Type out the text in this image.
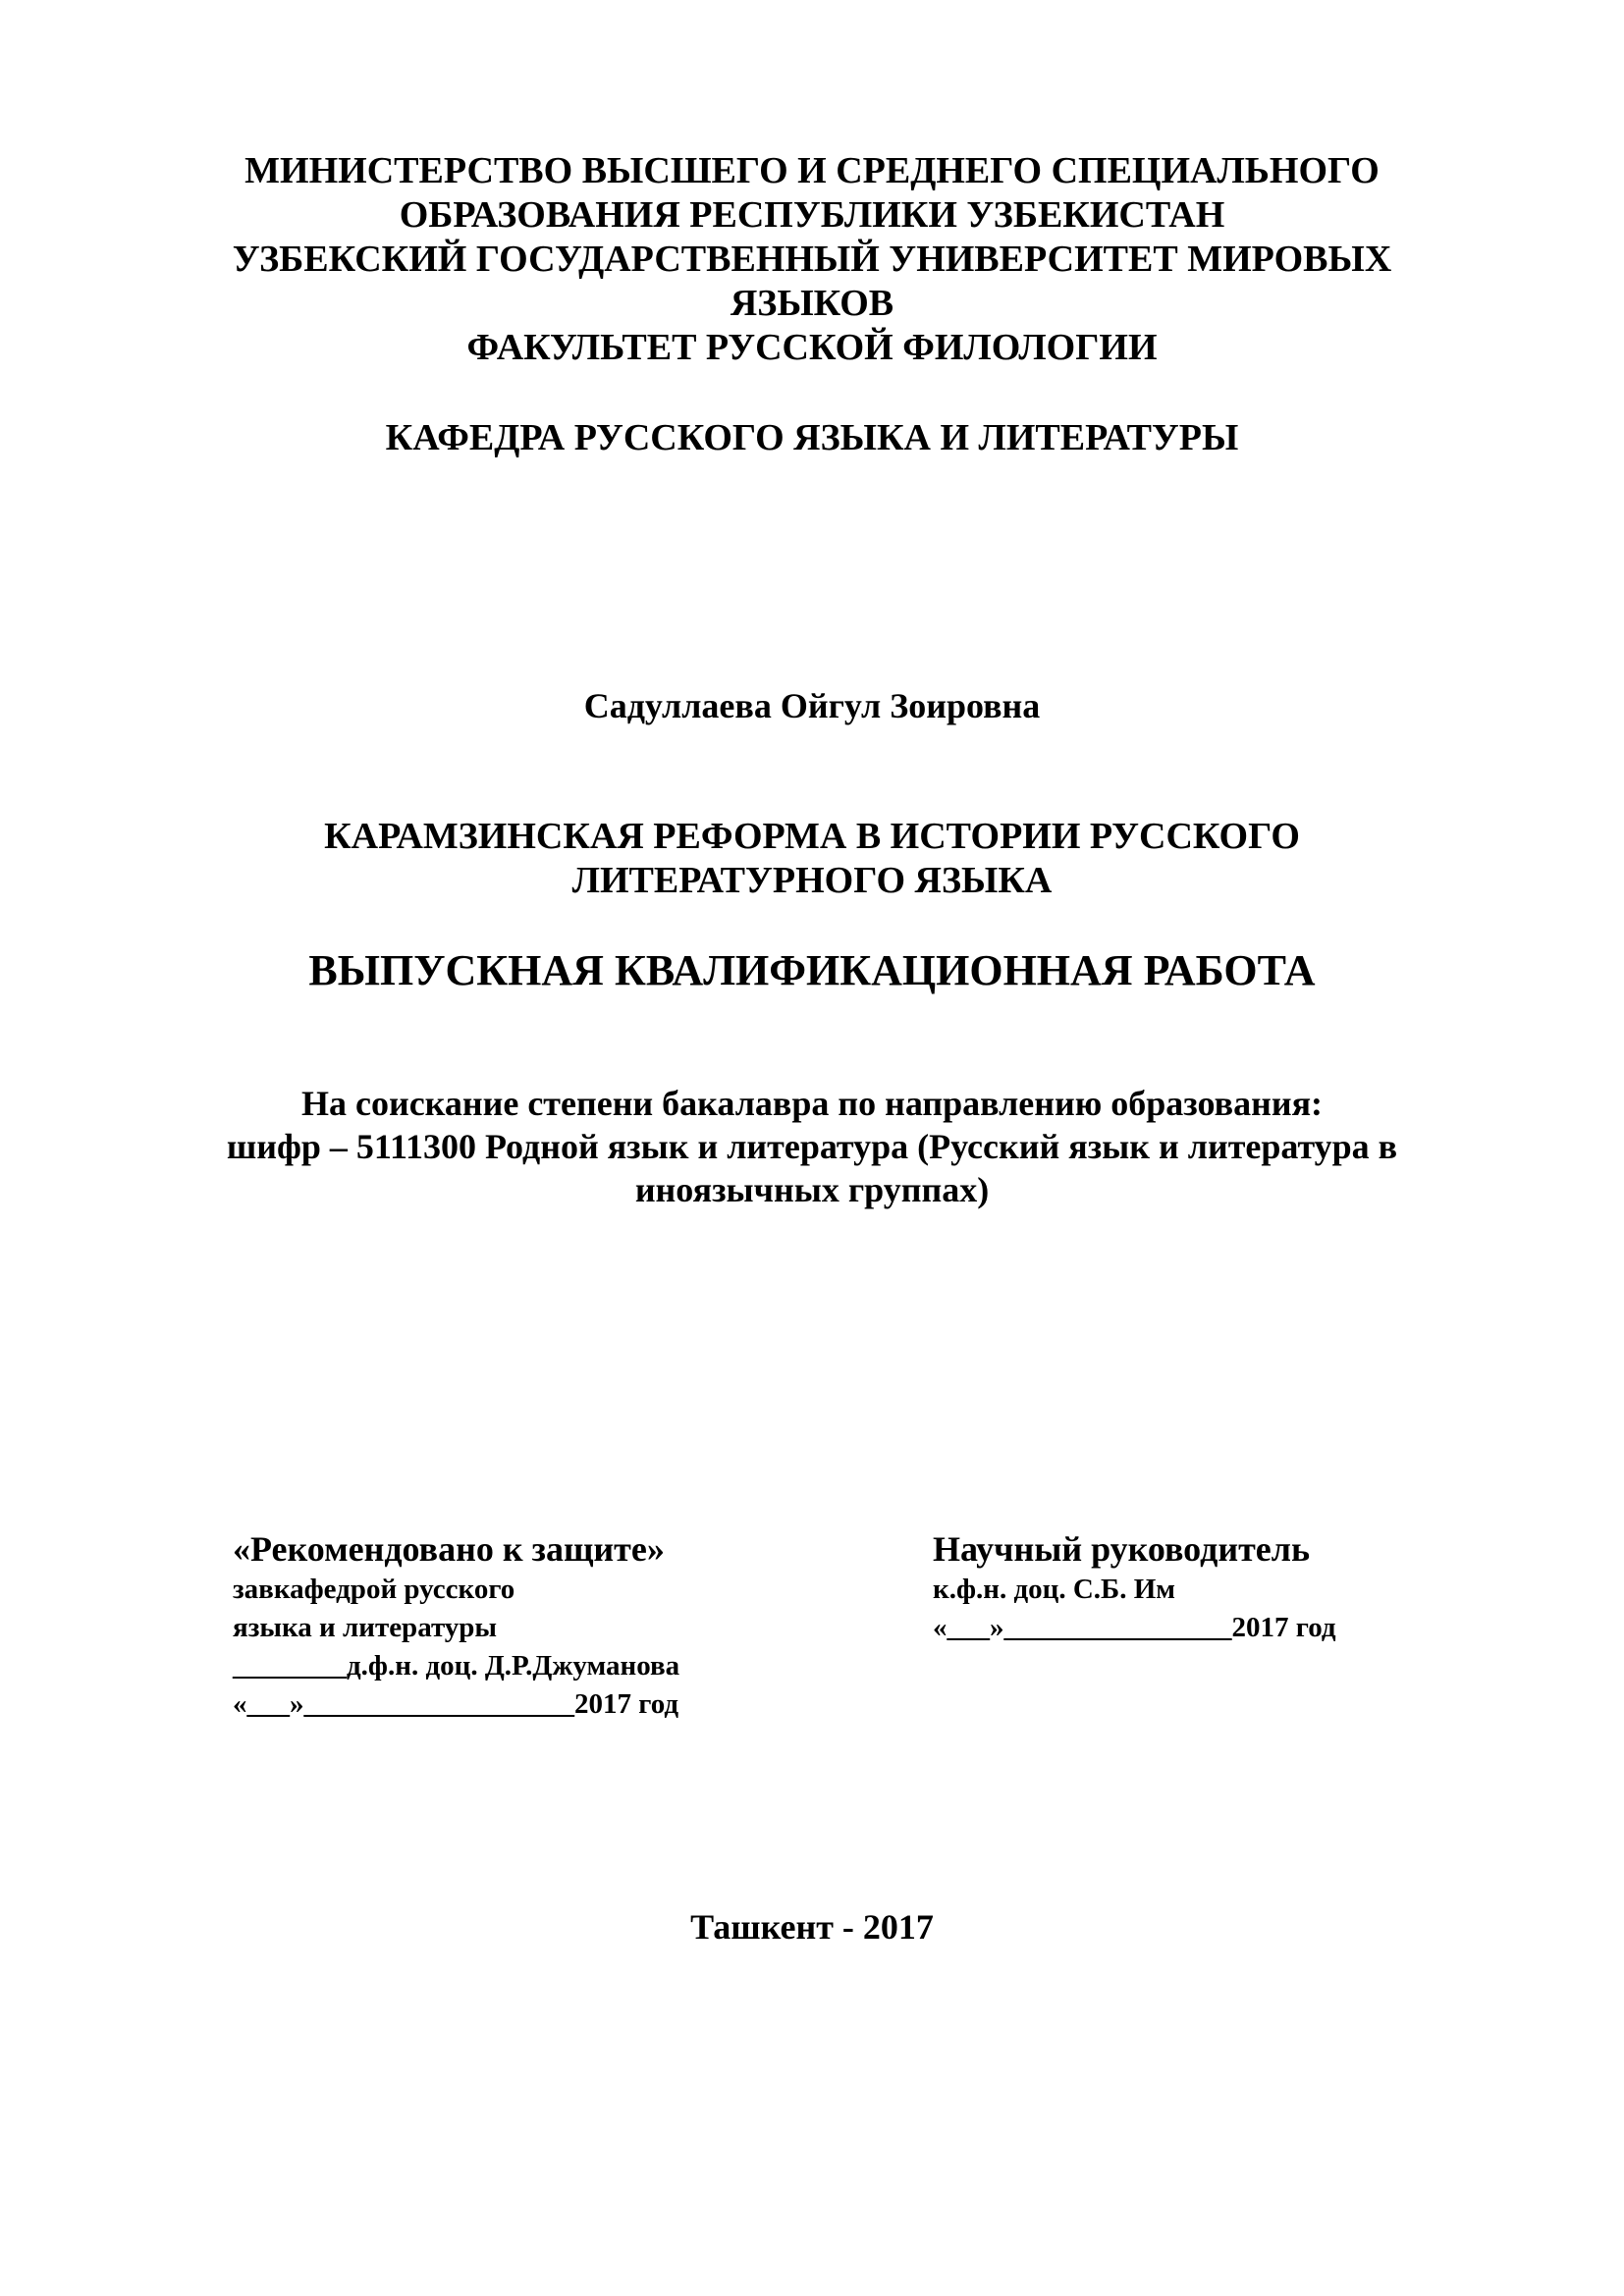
МИНИСТЕРСТВО ВЫСШЕГО И СРЕДНЕГО СПЕЦИАЛЬНОГО
ОБРАЗОВАНИЯ РЕСПУБЛИКИ УЗБЕКИСТАН
УЗБЕКСКИЙ ГОСУДАРСТВЕННЫЙ УНИВЕРСИТЕТ МИРОВЫХ
ЯЗЫКОВ
ФАКУЛЬТЕТ РУССКОЙ ФИЛОЛОГИИ
КАФЕДРА РУССКОГО ЯЗЫКА И ЛИТЕРАТУРЫ
Садуллаева Ойгул Зоировна
КАРАМЗИНСКАЯ РЕФОРМА В ИСТОРИИ РУССКОГО
ЛИТЕРАТУРНОГО ЯЗЫКА
ВЫПУСКНАЯ КВАЛИФИКАЦИОННАЯ РАБОТА
На соискание степени бакалавра по направлению образования:
шифр – 5111300 Родной язык и литература (Русский язык и литература в
иноязычных группах)
«Рекомендовано к защите»
завкафедрой русского
языка и литературы
________д.ф.н. доц. Д.Р.Джуманова
«___»___________________2017 год
Научный руководитель
к.ф.н. доц. С.Б. Им
«___»________________2017 год
Ташкент - 2017
